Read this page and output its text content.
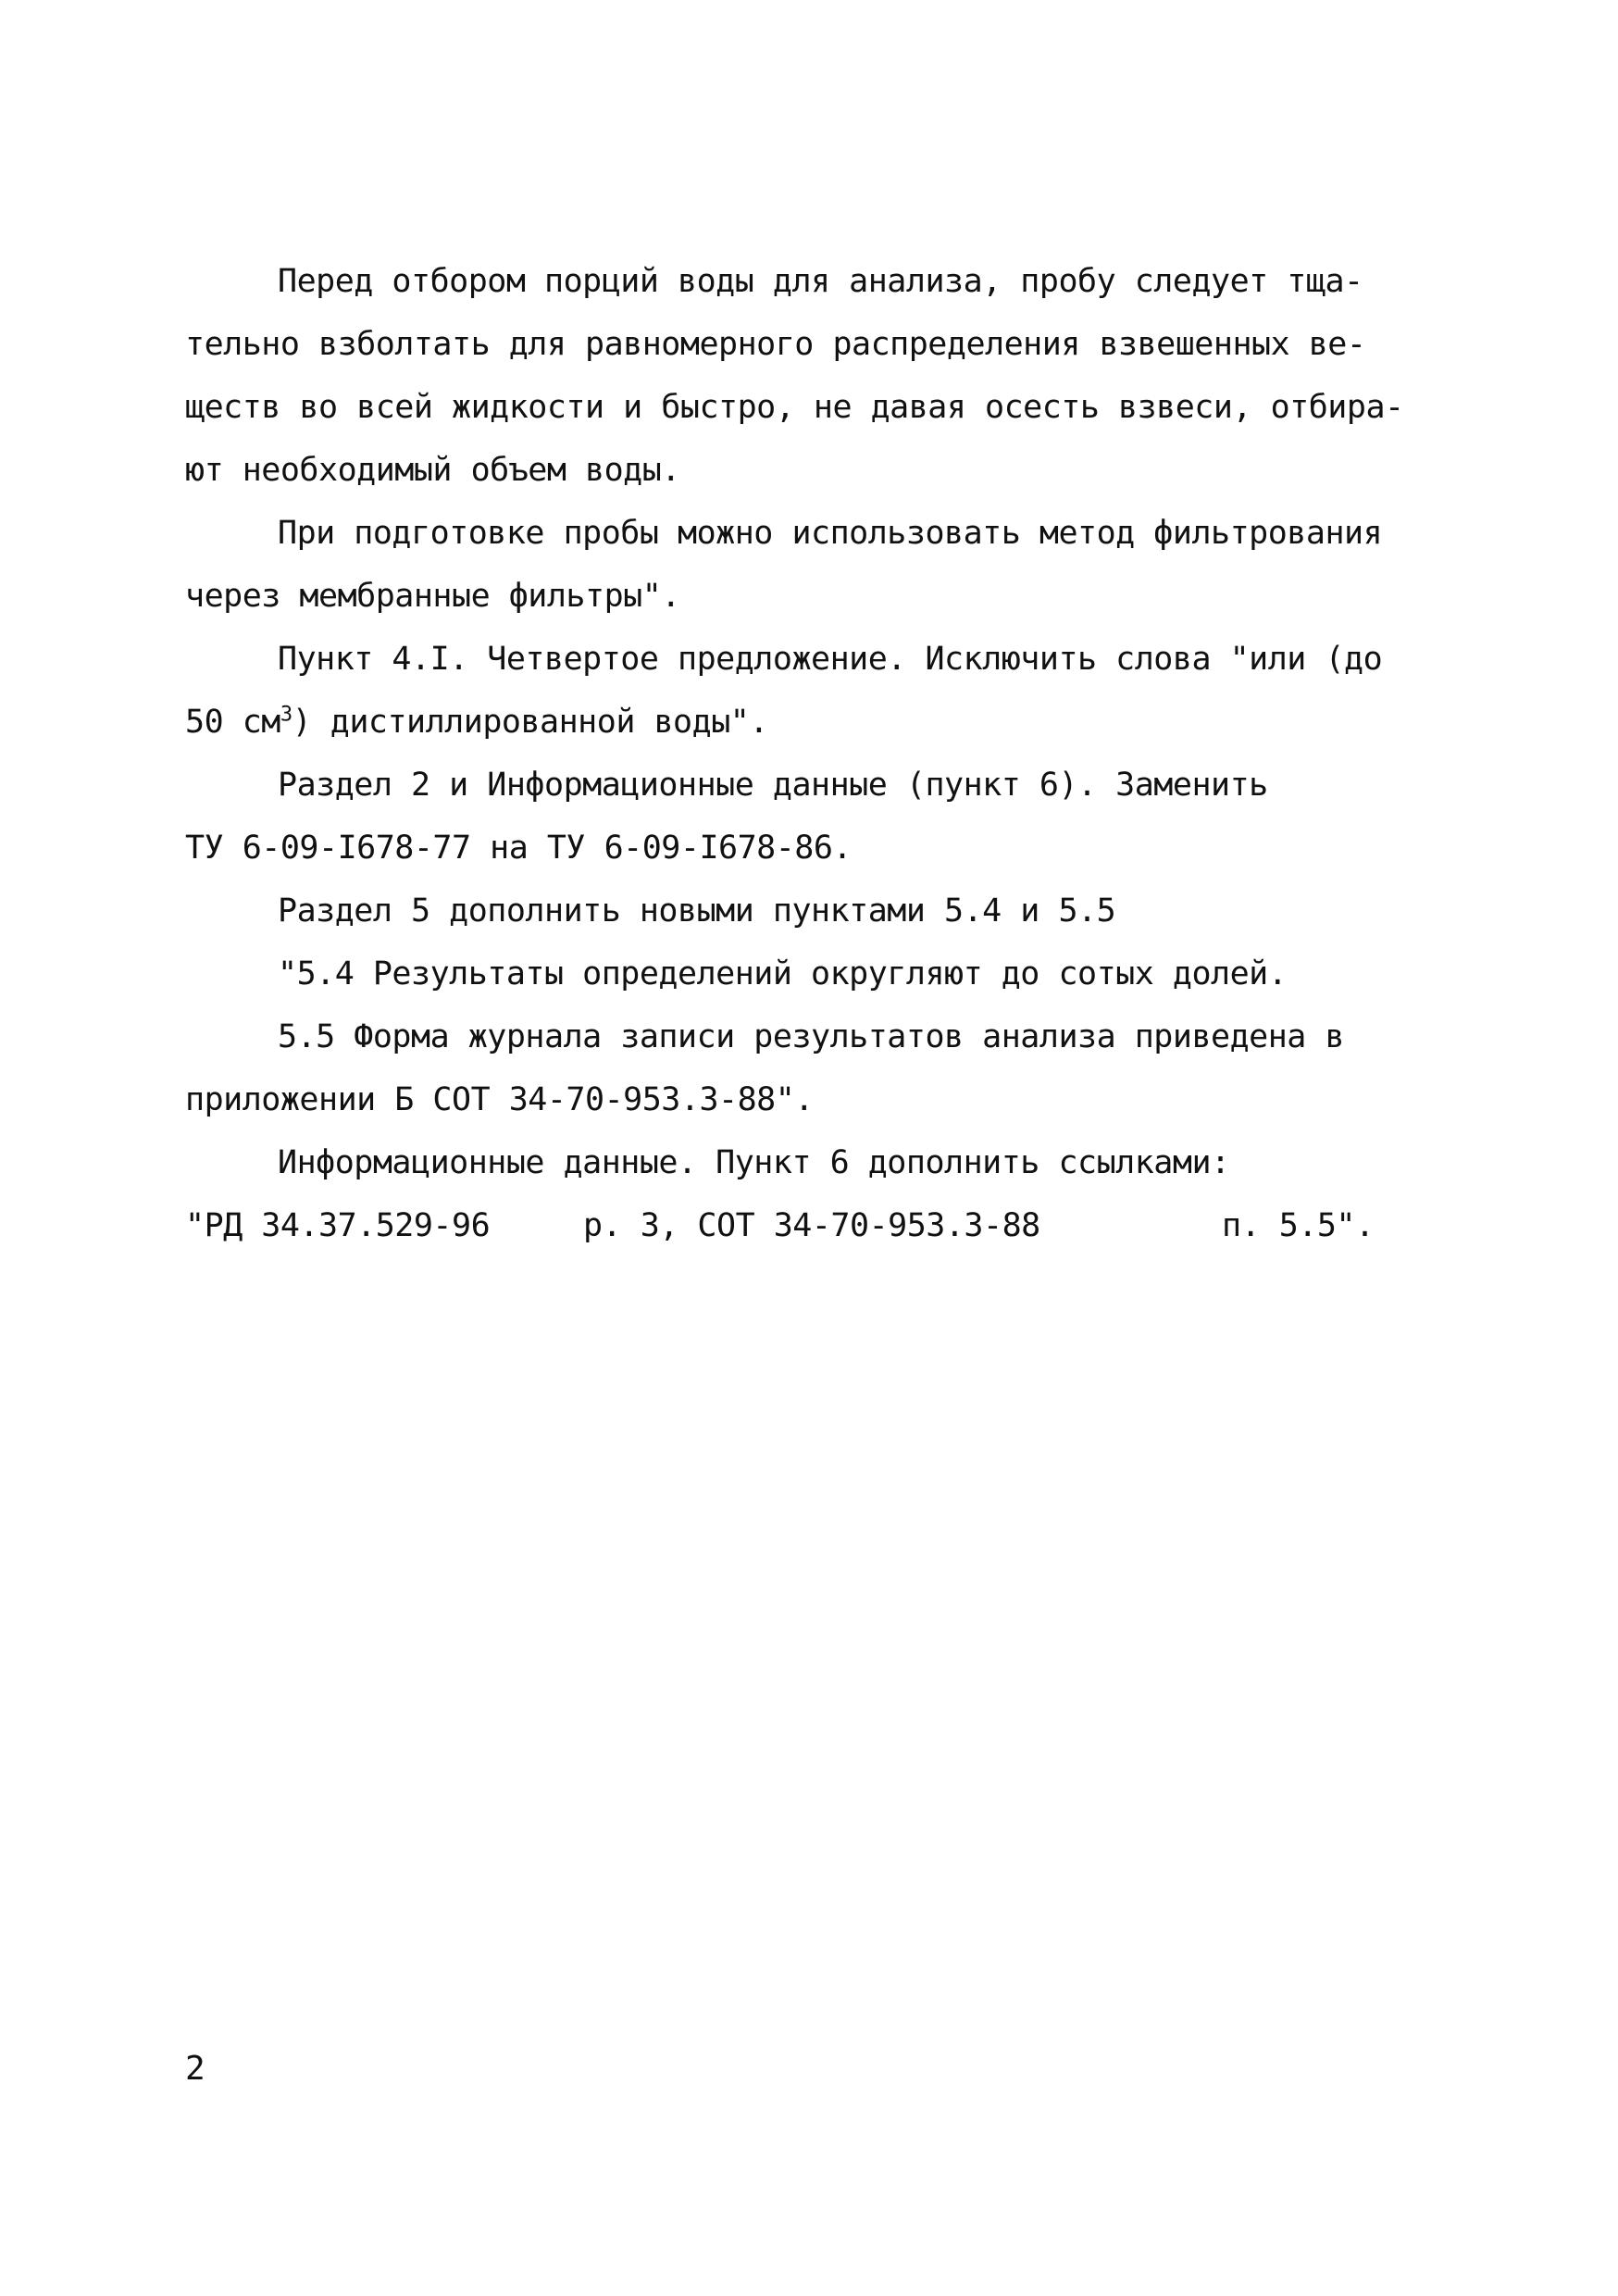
Перед отбором порций воды для анализа, пробу следует тща-
тельно взболтать для равномерного распределения взвешенных ве-
ществ во всей жидкости и быстро, не давая осесть взвеси, отбира-
ют необходимый объем воды.

При подготовке пробы можно использовать метод фильтрования
через мембранные фильтры".

Пункт 4.I. Четвертое предложение. Исключить слова "или (до
50 $см^3$) дистиллированной воды".

Раздел 2 и Информационные данные (пункт 6). Заменить
ТУ 6-09-I678-77 на ТУ 6-09-I678-86.

Раздел 5 дополнить новыми пунктами 5.4 и 5.5

"5.4 Результаты определений округляют до сотых долей.

5.5 Форма журнала записи результатов анализа приведена в
приложении Б СОТ 34-70-953.3-88".

Информационные данные. Пункт 6 дополнить ссылками:

"РД 34.37.529-96	р. 3, СОТ 34-70-953.3-88	п. 5.5".
2
